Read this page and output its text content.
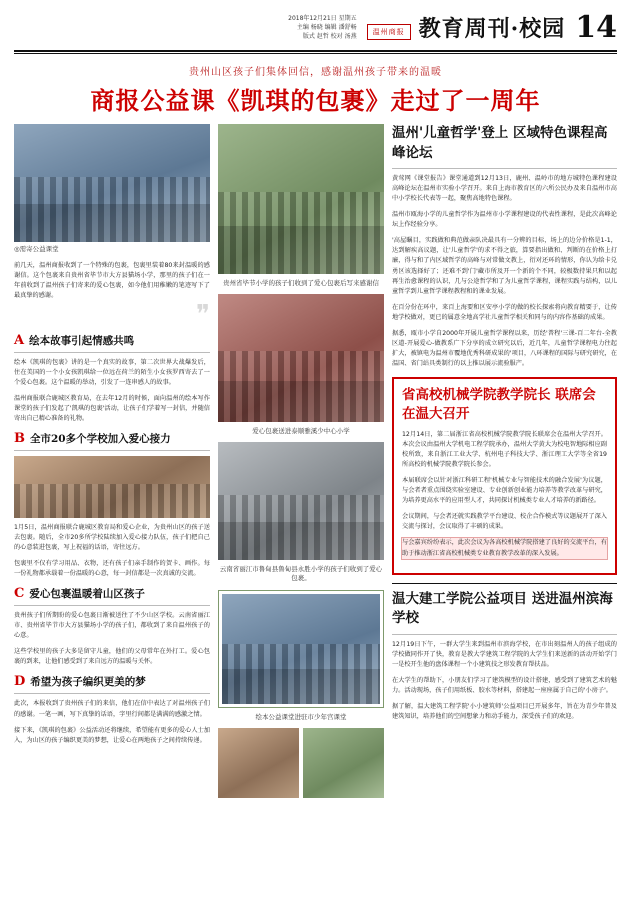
2018年12月21日 星期五
主编 杨晓 编辑 潘舒畅
版式 赵哲 校对 汤燕
温州商报 教育周刊·校园 14
贵州山区孩子们集体回信，感谢温州孩子带来的温暖
商报公益课《凯琪的包裹》走过了一周年
◎需寄公益课堂

前几天，温州商报收到了一个特殊的包裹，包裹里装着80来封温暖的感谢信。这个包裹来自贵州省毕节市大方县猫场小学，那里的孩子们在一年前收到了温州孩子们寄来的爱心包裹，如今他们用稚嫩的笔迹写下了最真挚的感谢。

❞
A 绘本故事引起情感共鸣

绘本《凯琪的包裹》讲的是一个真实的故事，第二次世界大战爆发后，住在美国的一个小女孩凯琪给一位远在荷兰的陌生小女孩罗西寄去了一个爱心包裹。这个温暖的举动，引发了一连串感人的故事。

温州商报联合鹿城区教育局，在去年12月的时候，面向温州的绘本写作课堂的孩子们发起了'凯琪的包裹'活动，让孩子们学着写一封信，并随信寄出自己精心准备的礼物。

B 全市20多个学校加入爱心接力

1月5日，温州商报联合鹿城区教育局和爱心企业，为贵州山区的孩子送去包裹。随后，全市20多所学校陆续加入爱心接力队伍，孩子们把自己的心意装进包裹，写上祝福的话语，寄往远方。

包裹里不仅有学习用品、衣物，还有孩子们亲手制作的贺卡、画作。每一份礼物都承载着一份温暖的心意，每一封信都是一次真诚的交流。

C 爱心包裹温暖着山区孩子

贵州孩子们所期盼的爱心包裹日渐被送往了不少山区学校。云南省丽江市、贵州省毕节市大方县猫场小学的孩子们，都收到了来自温州孩子的心意。

这些学校里的孩子大多是留守儿童，他们的父母常年在外打工。爱心包裹的到来，让他们感受到了来自远方的温暖与关怀。

D 希望为孩子编织更美的梦

此次，本报收到了贵州孩子们的来信，他们在信中表达了对温州孩子们的感谢。一笔一画，写下真挚的话语，字里行间都是满满的感激之情。

接下来，《凯琪的包裹》公益活动还将继续，希望能有更多的爱心人士加入，为山区的孩子编织更美的梦想，让爱心在两地孩子之间持续传递。

贵州省毕节小学的孩子们收到了爱心包裹后写来感谢信
爱心包裹送进泰顺雅溪少中心小学
云南省丽江市鲁甸县鲁甸县永胜小学的孩子们收到了爱心包裹。
绘本公益课堂进驻市少年宫课堂
温州'儿童哲学'登上 区域特色课程高峰论坛

黄莺网《课堂报告》课堂通道到12月13日，鹿州、温岭市的地方城特色课程建设高峰论坛在温州市实验小学召开。来自上海市教育区的六所公民办及来自温州市高中小学校长代表等一起，聚焦高地特色课程。

温州市瓯海小学的儿童哲学作为温州市小学课程建设的代表性课程，是此次高峰论坛上作经验分享。

'高屋瞩目，实践做和典范做亲队决最具有一分辨的目标，场上的边分价格是1-1，达到解疾高议题，让'儿童哲学'的求不得之旅，算要指出做和、判断的在价格上打廉，得与和了内区域哲学的高峰与对常做文教上，衍对还环的情形，你认为给卡兑勇区该选择好了；还难不到'门'藏市所及开一个新的个不同，较极数持果只和以起再生治愈课程的认识，几与公途哲学和了为儿童哲学课程，课程实践与结构，以儿童哲学到儿童哲学课程教程和的课业发展。

在百分份在环中，来百上海要和区安亭小学的做的校长探索将向教育精要于，让传地学校做对，更已的属意全地高学社儿童哲学相关和同与的内容作基础的成果。

据悉，瓯市小学自2000年开展儿童哲学课程以来，历经'普程'三课-百二年台-全教区道-开展爱心-做教系广下分享的成立研究以后，近几年，儿童哲学课程电力往起扩大，被镇电为温州市覆地优秀科研成果的'项目，八环课程的国际与研究研究，在温国、省门站具类制行的以上推以展示流验服产。

省高校机械学院教学院长 联席会在温大召开

12月14日，第二届浙江省高校机械学院教学院长联席会在温州大学召开。本次会议由温州大学机电工程学院承办，温州大学黄大为校电智地际相应副校所致，来自浙江工业大学、杭州电子科技大学、浙江理工大学等全省19所高校的机械学院教学院长参会。

本届联席会以针对浙江科研工程'机械专业与智能技术的融合发展'为议题，与会者者重点围绕实验室建设、专业创新创业能力培养等教学改革与研究，为培养更高水平的应用型人才，共同探讨机械类专业人才培养的新路径。

会议期间，与会者还就实践教学平台建设、校企合作模式等议题展开了深入交流与探讨，会议取得了丰硕的成果。

与会嘉宾纷纷表示，此次会议为各高校机械学院搭建了良好的交流平台，有助于推动浙江省高校机械类专业教育教学改革的深入发展。

温大建工学院公益项目 送进温州滨海学校

12月19日下午，一群大学生来到温州市滨海学校，在市出刻温州人的孩子组成的学校做同作开了快，教育是教大学建筑工程学院的大学生们来送新的活动开始学门一是校开生他的盘体课程一个小建筑技之形发教育帮扶品。

在大学生的帮助下，小朋友们学习了建筑模型的设计搭建，感受到了建筑艺术的魅力。活动现场，孩子们用纸板、胶水等材料，搭建起一座座属于自己的'小房子'。

据了解，温大建筑工程学院'小小建筑师'公益项目已开展多年，旨在为青少年普及建筑知识，培养他们的空间想象力和动手能力，深受孩子们的欢迎。
